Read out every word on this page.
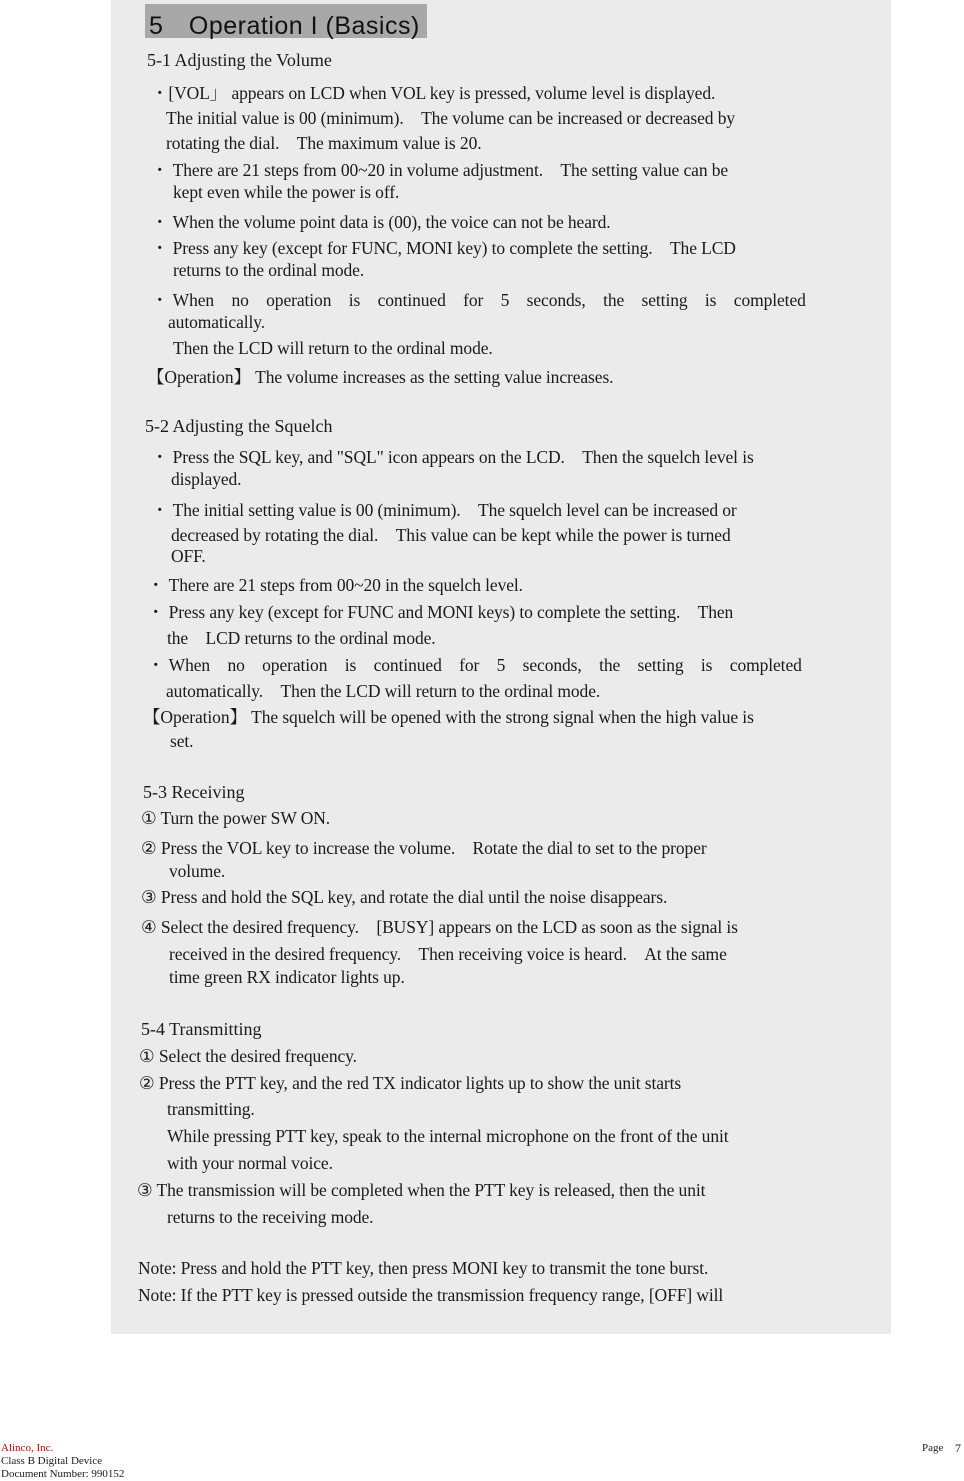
5　Operation I (Basics)
5-1 Adjusting the Volume
・[VOL」 appears on LCD when VOL key is pressed, volume level is displayed.
The initial value is 00 (minimum).　The volume can be increased or decreased by
rotating the dial.　The maximum value is 20.
・ There are 21 steps from 00~20 in volume adjustment.　The setting value can be
kept even while the power is off.
・ When the volume point data is (00), the voice can not be heard.
・ Press any key (except for FUNC, MONI key) to complete the setting.　The LCD
returns to the ordinal mode.
・ When　no　operation　is　continued　for　5　seconds,　the　setting　is　completed
automatically.
Then the LCD will return to the ordinal mode.
【Operation】 The volume increases as the setting value increases.
5-2 Adjusting the Squelch
・ Press the SQL key, and "SQL" icon appears on the LCD.　Then the squelch level is
displayed.
・ The initial setting value is 00 (minimum).　The squelch level can be increased or
decreased by rotating the dial.　This value can be kept while the power is turned
OFF.
・ There are 21 steps from 00~20 in the squelch level.
・ Press any key (except for FUNC and MONI keys) to complete the setting.　Then
the　LCD returns to the ordinal mode.
・ When　no　operation　is　continued　for　5　seconds,　the　setting　is　completed
automatically.　Then the LCD will return to the ordinal mode.
【Operation】 The squelch will be opened with the strong signal when the high value is
set.
5-3 Receiving
① Turn the power SW ON.
② Press the VOL key to increase the volume.　Rotate the dial to set to the proper
volume.
③ Press and hold the SQL key, and rotate the dial until the noise disappears.
④ Select the desired frequency.　[BUSY] appears on the LCD as soon as the signal is
received in the desired frequency.　Then receiving voice is heard.　At the same
time green RX indicator lights up.
5-4 Transmitting
① Select the desired frequency.
② Press the PTT key, and the red TX indicator lights up to show the unit starts
transmitting.
While pressing PTT key, speak to the internal microphone on the front of the unit
with your normal voice.
③ The transmission will be completed when the PTT key is released, then the unit
returns to the receiving mode.
Note: Press and hold the PTT key, then press MONI key to transmit the tone burst.
Note: If the PTT key is pressed outside the transmission frequency range, [OFF] will
Alinco, Inc.
Class B Digital Device
Document Number: 990152
Page 7
